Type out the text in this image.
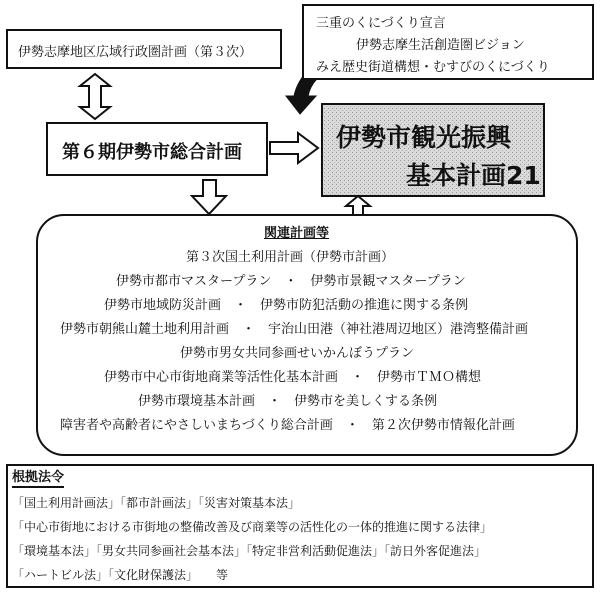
伊勢志摩地区広域行政圏計画（第３次）
三重のくにづくり宣言
伊勢志摩生活創造圏ビジョン
みえ歴史街道構想・むすびのくにづくり
第６期伊勢市総合計画
伊勢市観光振興
基本計画21
関連計画等
第３次国土利用計画（伊勢市計画）
伊勢市都市マスタープラン　・　伊勢市景観マスタープラン
伊勢市地域防災計画　・　伊勢市防犯活動の推進に関する条例
伊勢市朝熊山麓土地利用計画　・　宇治山田港（神社港周辺地区）港湾整備計画
伊勢市男女共同参画せいかんぼうプラン
伊勢市中心市街地商業等活性化基本計画　・　伊勢市ＴＭＯ構想
伊勢市環境基本計画　・　伊勢市を美しくする条例
障害者や高齢者にやさしいまちづくり総合計画　・　第２次伊勢市情報化計画
根拠法令
「国土利用計画法」「都市計画法」「災害対策基本法」
「中心市街地における市街地の整備改善及び商業等の活性化の一体的推進に関する法律」
「環境基本法」「男女共同参画社会基本法」「特定非営利活動促進法」「訪日外客促進法」
「ハートビル法」「文化財保護法」　　等
